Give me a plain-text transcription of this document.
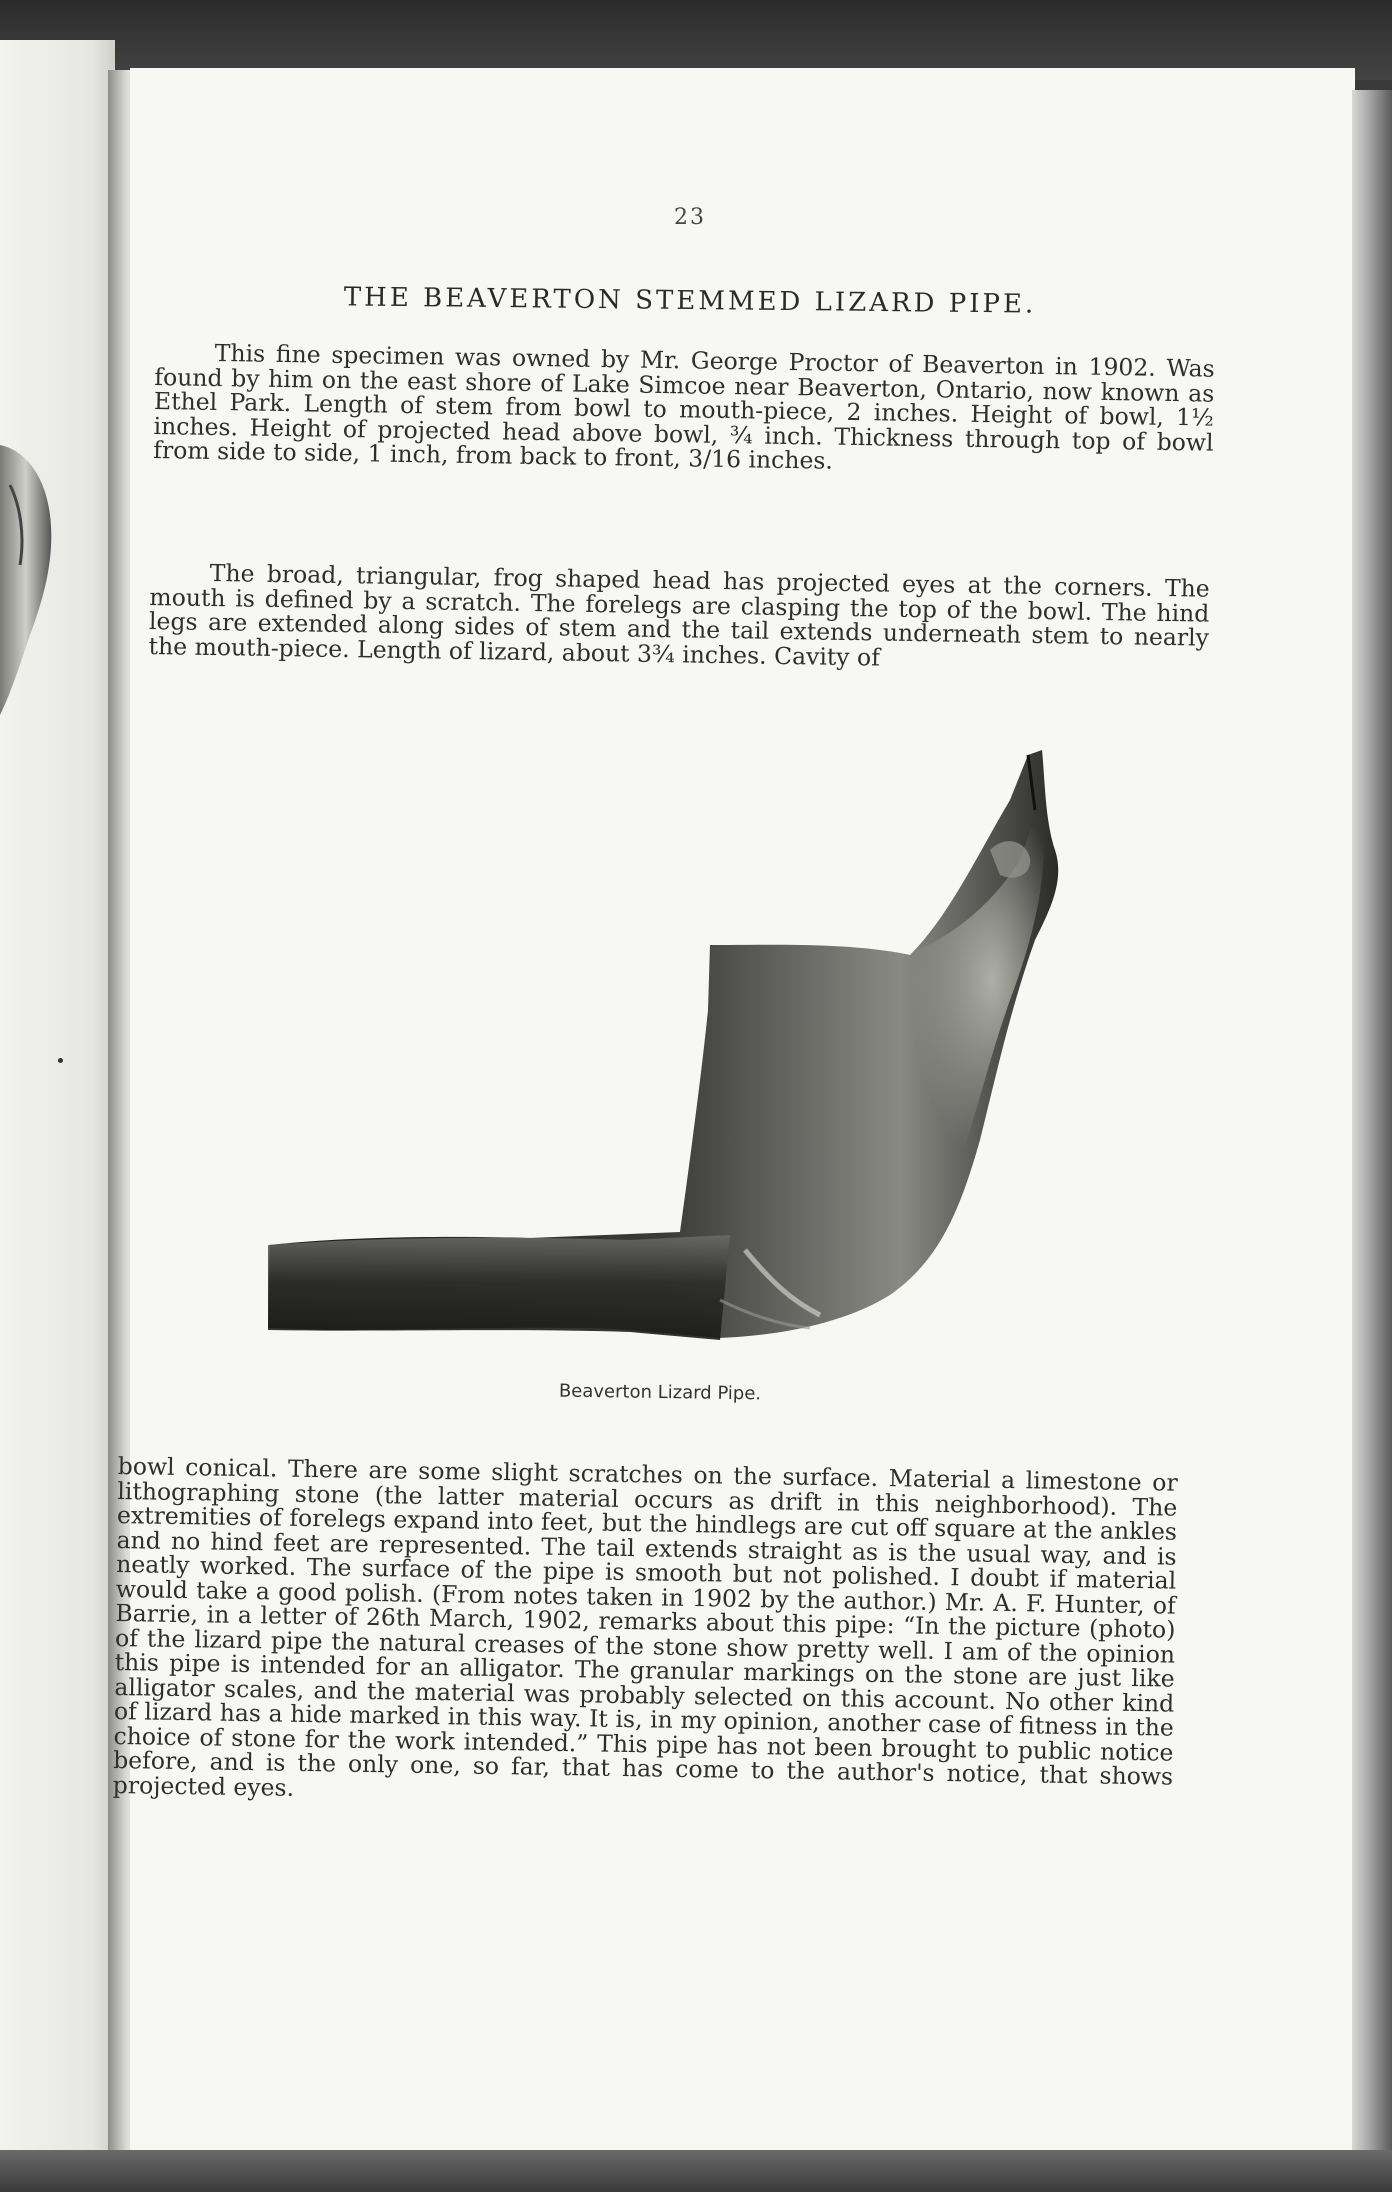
23
THE BEAVERTON STEMMED LIZARD PIPE.

This fine specimen was owned by Mr. George Proctor of Beaverton in 1902. Was found by him on the east shore of Lake Simcoe near Beaverton, Ontario, now known as Ethel Park. Length of stem from bowl to mouth-piece, 2 inches. Height of bowl, 1½ inches. Height of projected head above bowl, ¾ inch. Thickness through top of bowl from side to side, 1 inch, from back to front, 3/16 inches.

The broad, triangular, frog shaped head has projected eyes at the corners. The mouth is defined by a scratch. The forelegs are clasping the top of the bowl. The hind legs are extended along sides of stem and the tail extends underneath stem to nearly the mouth-piece. Length of lizard, about 3¾ inches. Cavity of

Beaverton Lizard Pipe.

bowl conical. There are some slight scratches on the surface. Material a limestone or lithographing stone (the latter material occurs as drift in this neighborhood). The extremities of forelegs expand into feet, but the hindlegs are cut off square at the ankles and no hind feet are represented. The tail extends straight as is the usual way, and is neatly worked. The surface of the pipe is smooth but not polished. I doubt if material would take a good polish. (From notes taken in 1902 by the author.) Mr. A. F. Hunter, of Barrie, in a letter of 26th March, 1902, remarks about this pipe: “In the picture (photo) of the lizard pipe the natural creases of the stone show pretty well. I am of the opinion this pipe is intended for an alligator. The granular markings on the stone are just like alligator scales, and the material was probably selected on this account. No other kind of lizard has a hide marked in this way. It is, in my opinion, another case of fitness in the choice of stone for the work intended.” This pipe has not been brought to public notice before, and is the only one, so far, that has come to the author's notice, that shows projected eyes.
